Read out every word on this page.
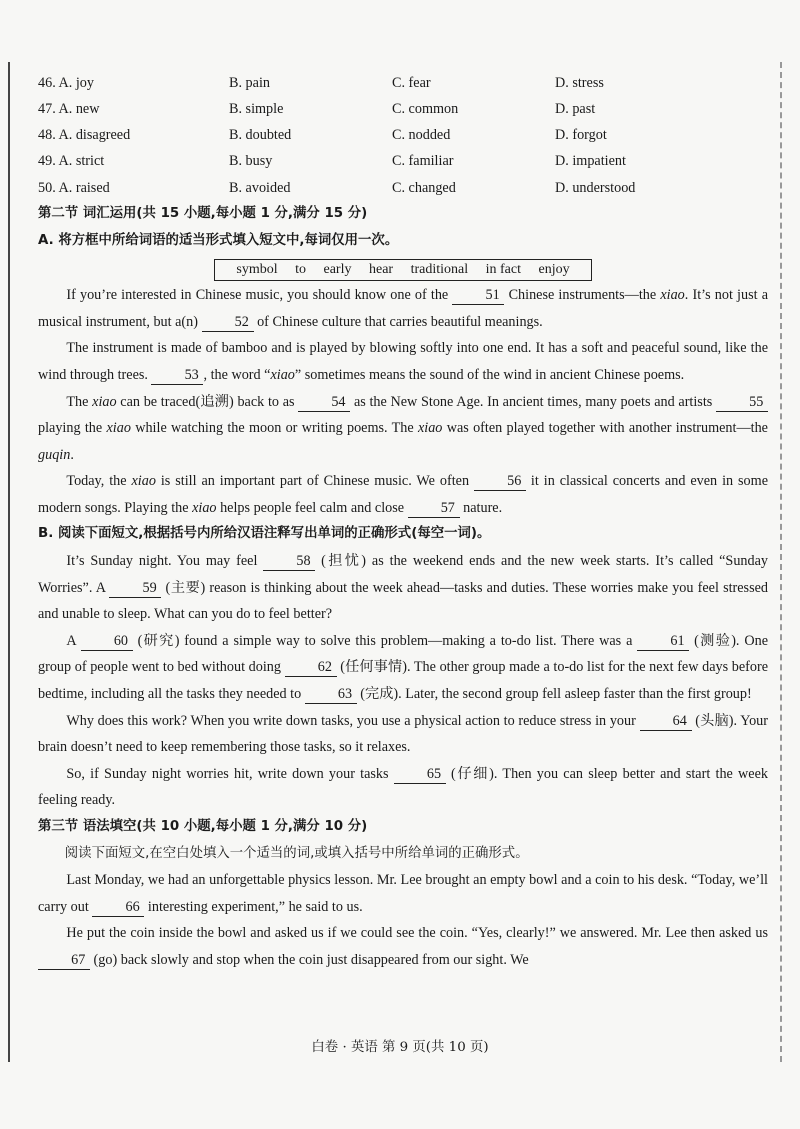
46. A. joy	B. pain	C. fear	D. stress
47. A. new	B. simple	C. common	D. past
48. A. disagreed	B. doubted	C. nodded	D. forgot
49. A. strict	B. busy	C. familiar	D. impatient
50. A. raised	B. avoided	C. changed	D. understood
第二节 词汇运用(共 15 小题,每小题 1 分,满分 15 分)
A. 将方框中所给词语的适当形式填入短文中,每词仅用一次。
symbol to early hear traditional in fact enjoy

If you’re interested in Chinese music, you should know one of the 51 Chinese instruments—the xiao. It’s not just a musical instrument, but a(n) 52 of Chinese culture that carries beautiful meanings.

The instrument is made of bamboo and is played by blowing softly into one end. It has a soft and peaceful sound, like the wind through trees. 53 , the word “xiao” sometimes means the sound of the wind in ancient Chinese poems.

The xiao can be traced(追溯) back to as 54 as the New Stone Age. In ancient times, many poets and artists 55 playing the xiao while watching the moon or writing poems. The xiao was often played together with another instrument—the guqin.

Today, the xiao is still an important part of Chinese music. We often 56 it in classical concerts and even in some modern songs. Playing the xiao helps people feel calm and close 57 nature.

B. 阅读下面短文,根据括号内所给汉语注释写出单词的正确形式(每空一词)。

It’s Sunday night. You may feel 58 (担忧) as the weekend ends and the new week starts. It’s called “Sunday Worries”. A 59 (主要) reason is thinking about the week ahead—tasks and duties. These worries make you feel stressed and unable to sleep. What can you do to feel better?

A 60 (研究) found a simple way to solve this problem—making a to-do list. There was a 61 (测验). One group of people went to bed without doing 62 (任何事情). The other group made a to-do list for the next few days before bedtime, including all the tasks they needed to 63 (完成). Later, the second group fell asleep faster than the first group!

Why does this work? When you write down tasks, you use a physical action to reduce stress in your 64 (头脑). Your brain doesn’t need to keep remembering those tasks, so it relaxes.

So, if Sunday night worries hit, write down your tasks 65 (仔细). Then you can sleep better and start the week feeling ready.

第三节 语法填空(共 10 小题,每小题 1 分,满分 10 分)
阅读下面短文,在空白处填入一个适当的词,或填入括号中所给单词的正确形式。

Last Monday, we had an unforgettable physics lesson. Mr. Lee brought an empty bowl and a coin to his desk. “Today, we’ll carry out 66 interesting experiment,” he said to us.

He put the coin inside the bowl and asked us if we could see the coin. “Yes, clearly!” we answered. Mr. Lee then asked us 67 (go) back slowly and stop when the coin just disappeared from our sight. We

白卷 · 英语 第 9 页(共 10 页)
